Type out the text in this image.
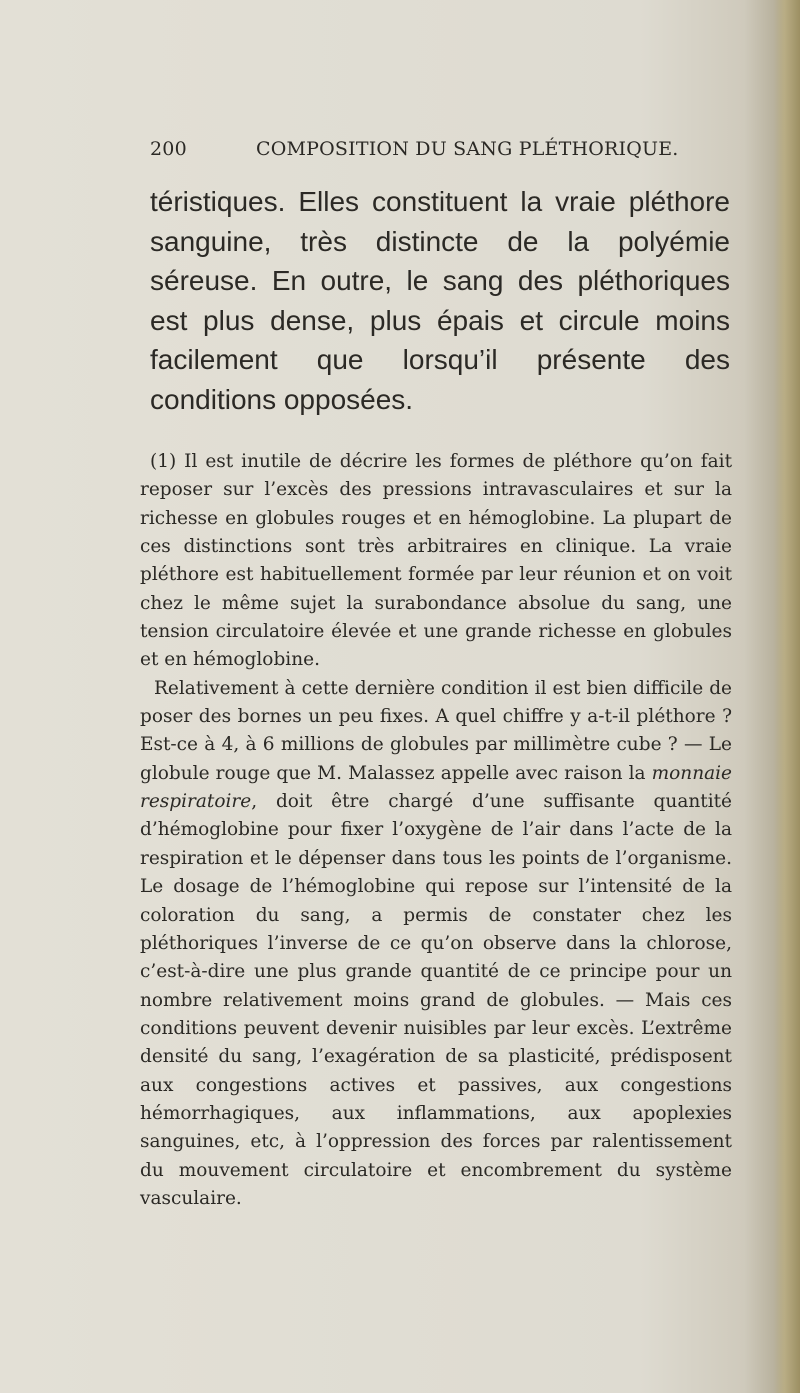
200	COMPOSITION DU SANG PLÉTHORIQUE.

téristiques. Elles constituent la vraie pléthore sanguine, très distincte de la polyémie séreuse. En outre, le sang des pléthoriques est plus dense, plus épais et circule moins facilement que lorsqu’il présente des conditions opposées.

(1) Il est inutile de décrire les formes de pléthore qu’on fait reposer sur l’excès des pressions intravasculaires et sur la richesse en globules rouges et en hémoglobine. La plupart de ces distinctions sont très arbitraires en clinique. La vraie pléthore est habituellement formée par leur réunion et on voit chez le même sujet la surabondance absolue du sang, une tension circulatoire élevée et une grande richesse en globules et en hémoglobine.

Relativement à cette dernière condition il est bien difficile de poser des bornes un peu fixes. A quel chiffre y a-t-il pléthore ? Est-ce à 4, à 6 millions de globules par millimètre cube ? — Le globule rouge que M. Malassez appelle avec raison la monnaie respiratoire, doit être chargé d’une suffisante quantité d’hémoglobine pour fixer l’oxygène de l’air dans l’acte de la respiration et le dépenser dans tous les points de l’organisme. Le dosage de l’hémoglobine qui repose sur l’intensité de la coloration du sang, a permis de constater chez les pléthoriques l’inverse de ce qu’on observe dans la chlorose, c’est-à-dire une plus grande quantité de ce principe pour un nombre relativement moins grand de globules. — Mais ces conditions peuvent devenir nuisibles par leur excès. L’extrême densité du sang, l’exagération de sa plasticité, prédisposent aux congestions actives et passives, aux congestions hémorrhagiques, aux inflammations, aux apoplexies sanguines, etc, à l’oppression des forces par ralentissement du mouvement circulatoire et encombrement du système vasculaire.
